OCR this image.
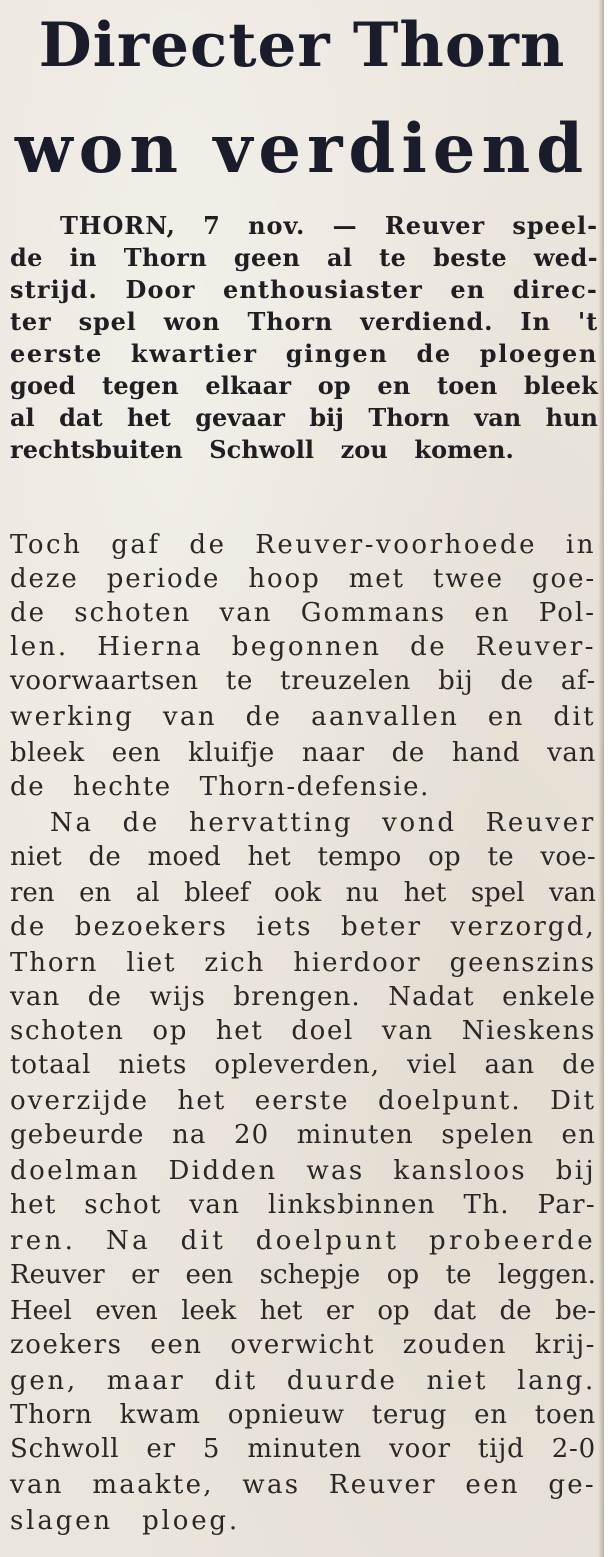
Directer Thorn
won verdiend
THORN, 7 nov. — Reuver speel-
de in Thorn geen al te beste wed-
strijd. Door enthousiaster en direc-
ter spel won Thorn verdiend. In 't
eerste kwartier gingen de ploegen
goed tegen elkaar op en toen bleek
al dat het gevaar bij Thorn van hun
rechtsbuiten Schwoll zou komen.
Toch gaf de Reuver-voorhoede in
deze periode hoop met twee goe-
de schoten van Gommans en Pol-
len. Hierna begonnen de Reuver-
voorwaartsen te treuzelen bij de af-
werking van de aanvallen en dit
bleek een kluifje naar de hand van
de hechte Thorn-defensie.
Na de hervatting vond Reuver
niet de moed het tempo op te voe-
ren en al bleef ook nu het spel van
de bezoekers iets beter verzorgd,
Thorn liet zich hierdoor geenszins
van de wijs brengen. Nadat enkele
schoten op het doel van Nieskens
totaal niets opleverden, viel aan de
overzijde het eerste doelpunt. Dit
gebeurde na 20 minuten spelen en
doelman Didden was kansloos bij
het schot van linksbinnen Th. Par-
ren. Na dit doelpunt probeerde
Reuver er een schepje op te leggen.
Heel even leek het er op dat de be-
zoekers een overwicht zouden krij-
gen, maar dit duurde niet lang.
Thorn kwam opnieuw terug en toen
Schwoll er 5 minuten voor tijd 2-0
van maakte, was Reuver een ge-
slagen ploeg.
